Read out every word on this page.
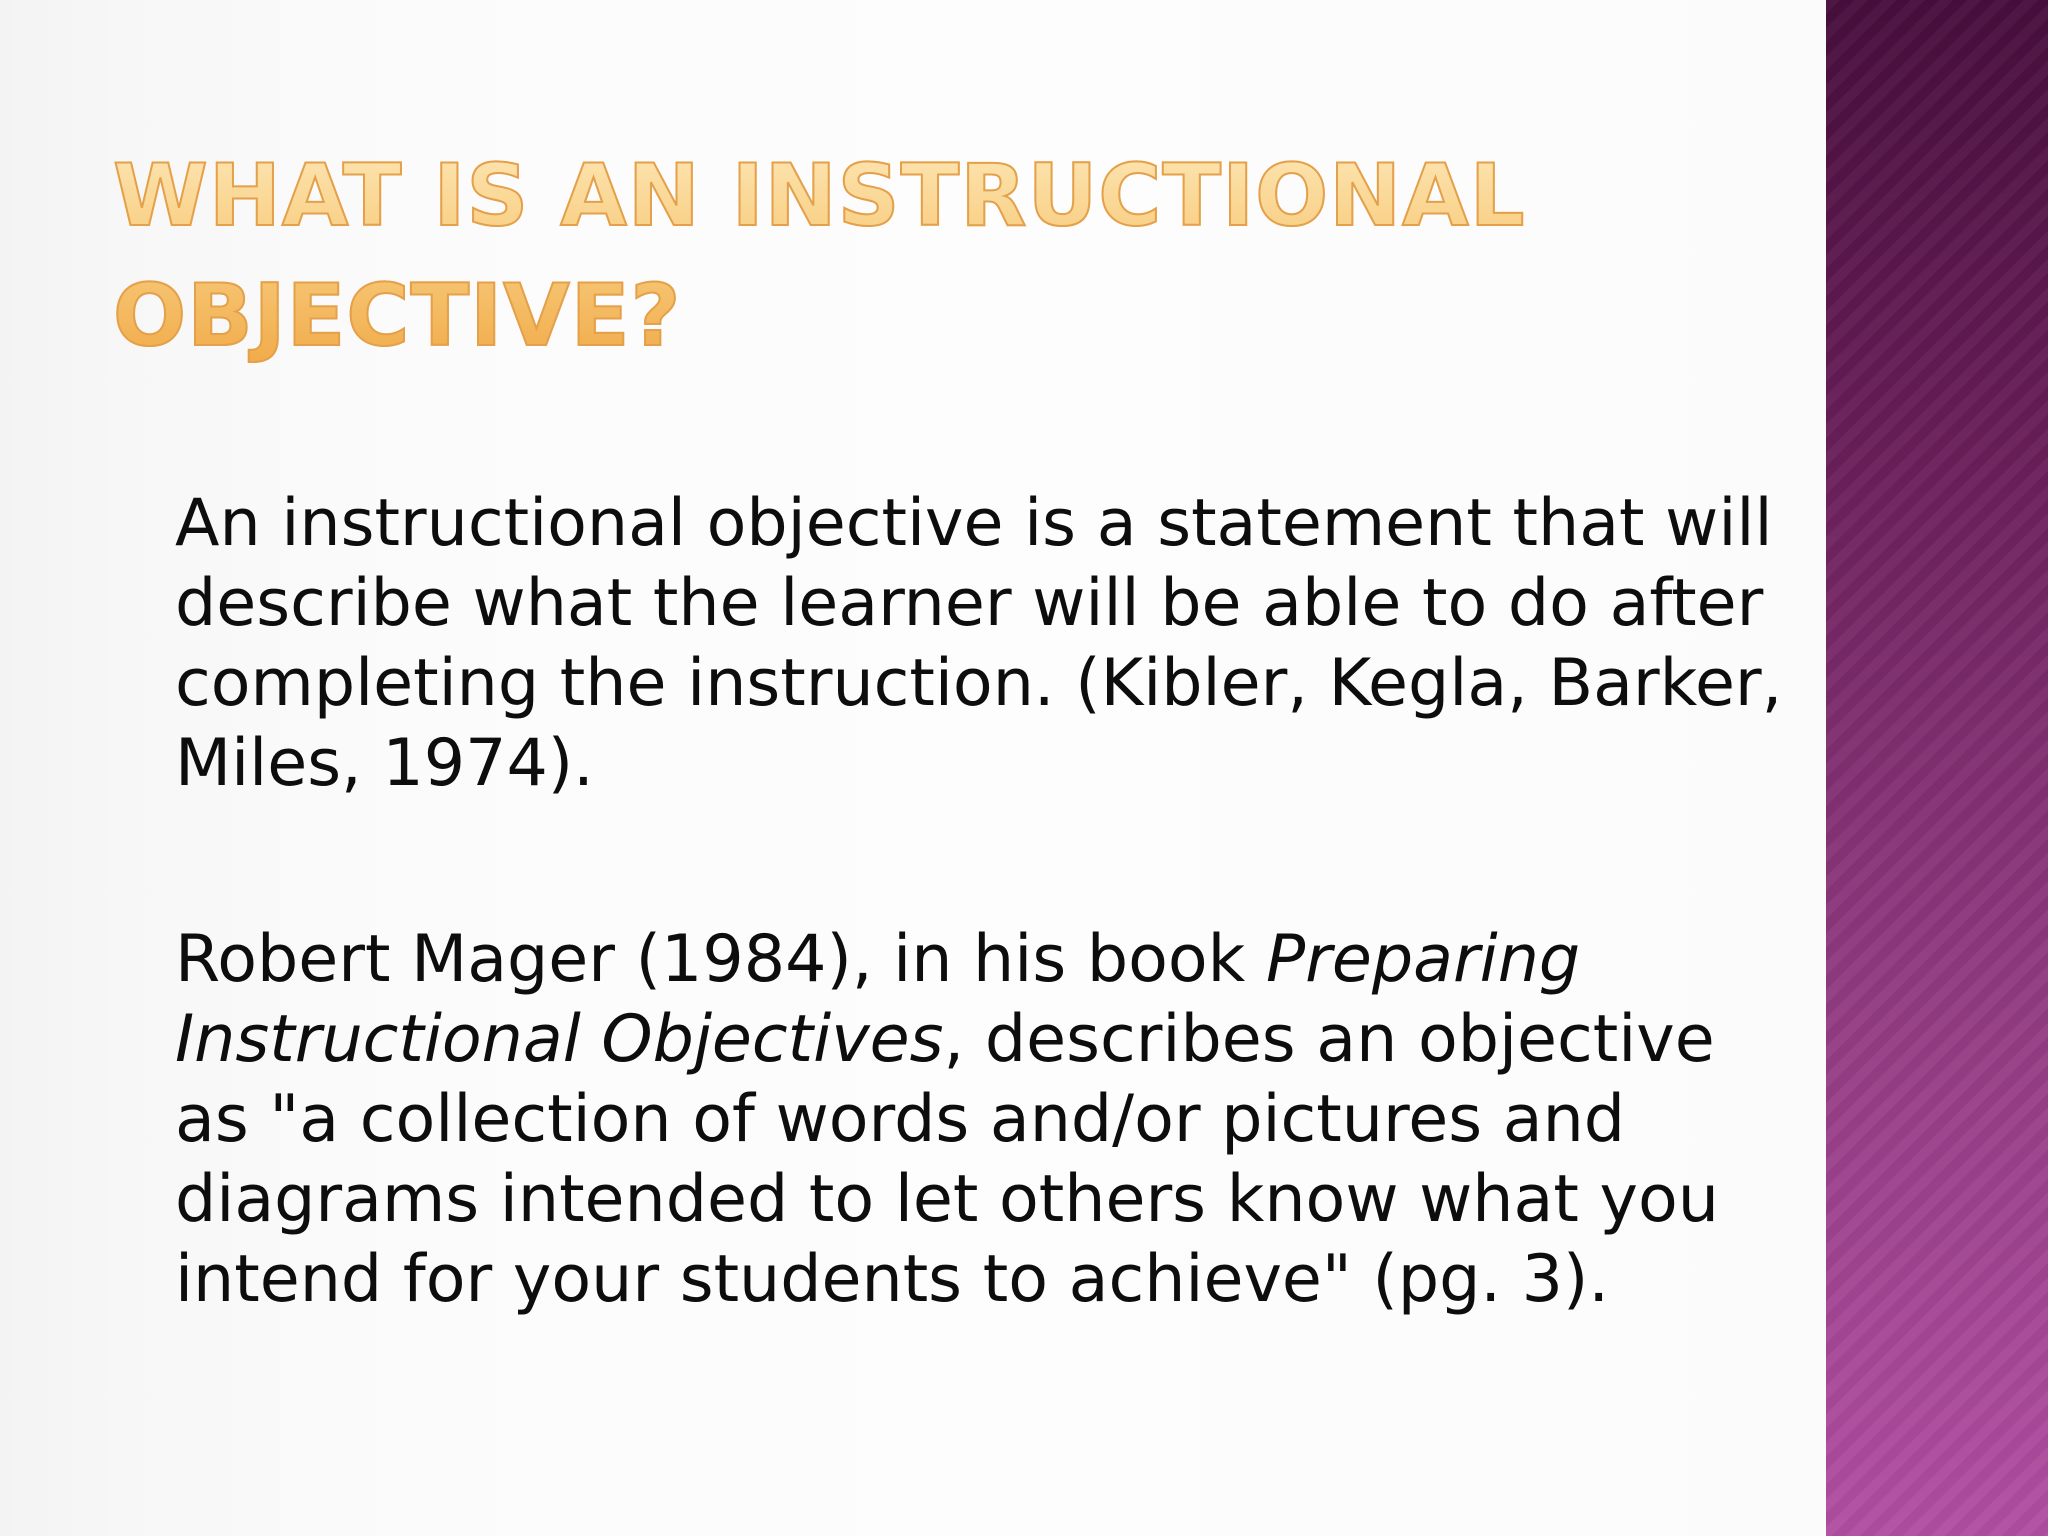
WHAT IS AN INSTRUCTIONAL OBJECTIVE?

An instructional objective is a statement that will describe what the learner will be able to do after completing the instruction. (Kibler, Kegla, Barker, Miles, 1974).

Robert Mager (1984), in his book Preparing Instructional Objectives, describes an objective as "a collection of words and/or pictures and diagrams intended to let others know what you intend for your students to achieve" (pg. 3).
